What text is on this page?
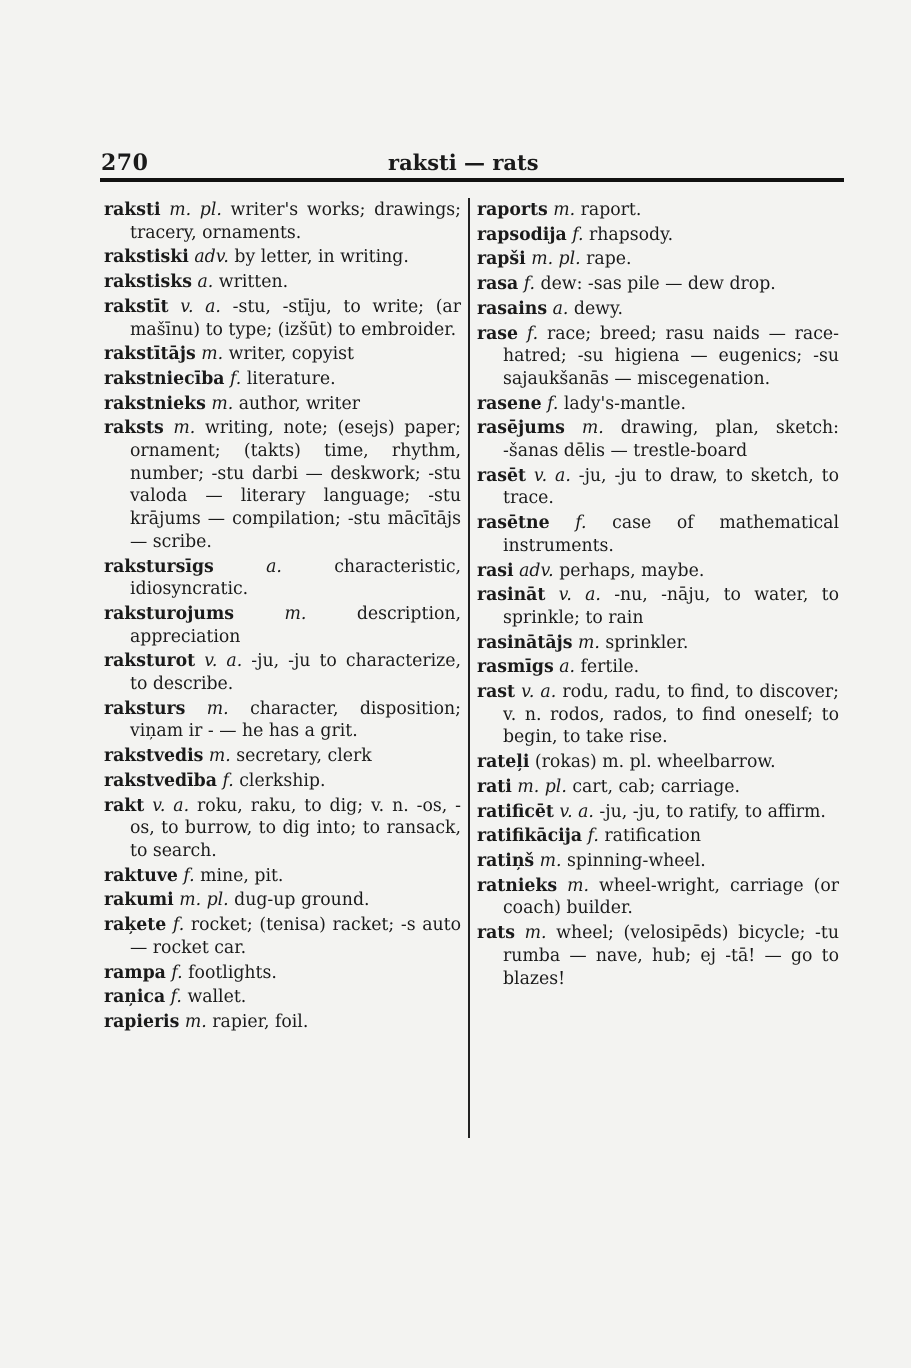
270	raksti — rats

raksti m. pl. writer's works; drawings; tracery, ornaments.

rakstiski adv. by letter, in writing.

rakstisks a. written.

rakstīt v. a. -stu, -stīju, to write; (ar mašīnu) to type; (izšūt) to embroider.

rakstītājs m. writer, copyist

rakstniecība f. literature.

rakstnieks m. author, writer

raksts m. writing, note; (esejs) paper; ornament; (takts) time, rhythm, number; -stu darbi — deskwork; -stu valoda — literary language; -stu krājums — compilation; -stu mācītājs — scribe.

rakstursīgs	a.	characteristic, idiosyncratic.

raksturojums	m.	description, appreciation

raksturot v. a. -ju, -ju to characterize, to describe.

raksturs m. character, disposition; viņam ir - — he has a grit.

rakstvedis m. secretary, clerk

rakstvedība f. clerkship.

rakt v. a. roku, raku, to dig; v. n. -os, -os, to burrow, to dig into; to ransack, to search.

raktuve f. mine, pit.

rakumi m. pl. dug-up ground.

raķete f. rocket; (tenisa) racket; -s auto — rocket car.

rampa f. footlights.

raņica f. wallet.

rapieris m. rapier, foil.

raports m. raport.

rapsodija f. rhapsody.

rapši m. pl. rape.

rasa f. dew: -sas pile — dew drop.

rasains a. dewy.

rase f. race; breed; rasu naids — race-hatred; -su higiena — eugenics; -su sajaukšanās — miscegenation.

rasene f. lady's-mantle.

rasējums m. drawing, plan, sketch: -šanas dēlis — trestle-board

rasēt v. a. -ju, -ju to draw, to sketch, to trace.

rasētne f. case of mathematical instruments.

rasi adv. perhaps, maybe.

rasināt v. a. -nu, -nāju, to water, to sprinkle; to rain

rasinātājs m. sprinkler.

rasmīgs a. fertile.

rast v. a. rodu, radu, to find, to discover; v. n. rodos, rados, to find oneself; to begin, to take rise.

rateļi (rokas) m. pl. wheelbarrow.

rati m. pl. cart, cab; carriage.

ratificēt v. a. -ju, -ju, to ratify, to affirm.

ratifikācija f. ratification

ratiņš m. spinning-wheel.

ratnieks m. wheel-wright, carriage (or coach) builder.

rats m. wheel; (velosipēds) bicycle; -tu rumba — nave, hub; ej -tā! — go to blazes!
